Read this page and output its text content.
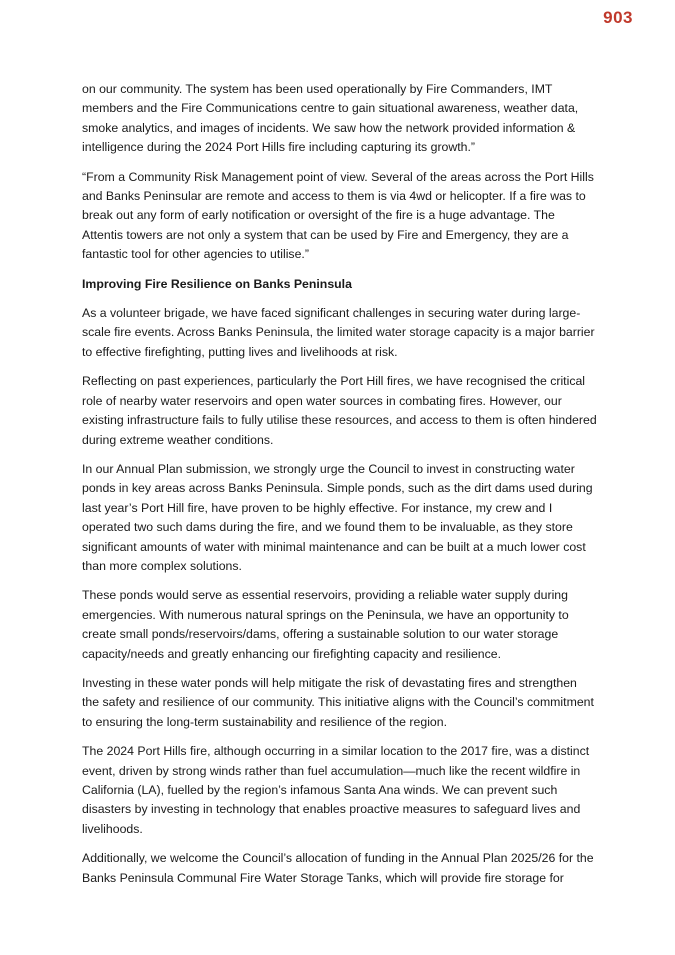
903

on our community. The system has been used operationally by Fire Commanders, IMT members and the Fire Communications centre to gain situational awareness, weather data, smoke analytics, and images of incidents. We saw how the network provided information & intelligence during the 2024 Port Hills fire including capturing its growth.”

“From a Community Risk Management point of view. Several of the areas across the Port Hills and Banks Peninsular are remote and access to them is via 4wd or helicopter. If a fire was to break out any form of early notification or oversight of the fire is a huge advantage. The Attentis towers are not only a system that can be used by Fire and Emergency, they are a fantastic tool for other agencies to utilise.”

Improving Fire Resilience on Banks Peninsula

As a volunteer brigade, we have faced significant challenges in securing water during large-scale fire events. Across Banks Peninsula, the limited water storage capacity is a major barrier to effective firefighting, putting lives and livelihoods at risk.

Reflecting on past experiences, particularly the Port Hill fires, we have recognised the critical role of nearby water reservoirs and open water sources in combating fires. However, our existing infrastructure fails to fully utilise these resources, and access to them is often hindered during extreme weather conditions.

In our Annual Plan submission, we strongly urge the Council to invest in constructing water ponds in key areas across Banks Peninsula. Simple ponds, such as the dirt dams used during last year’s Port Hill fire, have proven to be highly effective. For instance, my crew and I operated two such dams during the fire, and we found them to be invaluable, as they store significant amounts of water with minimal maintenance and can be built at a much lower cost than more complex solutions.

These ponds would serve as essential reservoirs, providing a reliable water supply during emergencies. With numerous natural springs on the Peninsula, we have an opportunity to create small ponds/reservoirs/dams, offering a sustainable solution to our water storage capacity/needs and greatly enhancing our firefighting capacity and resilience.

Investing in these water ponds will help mitigate the risk of devastating fires and strengthen the safety and resilience of our community. This initiative aligns with the Council’s commitment to ensuring the long-term sustainability and resilience of the region.

The 2024 Port Hills fire, although occurring in a similar location to the 2017 fire, was a distinct event, driven by strong winds rather than fuel accumulation—much like the recent wildfire in California (LA), fuelled by the region’s infamous Santa Ana winds. We can prevent such disasters by investing in technology that enables proactive measures to safeguard lives and livelihoods.

Additionally, we welcome the Council’s allocation of funding in the Annual Plan 2025/26 for the Banks Peninsula Communal Fire Water Storage Tanks, which will provide fire storage for
